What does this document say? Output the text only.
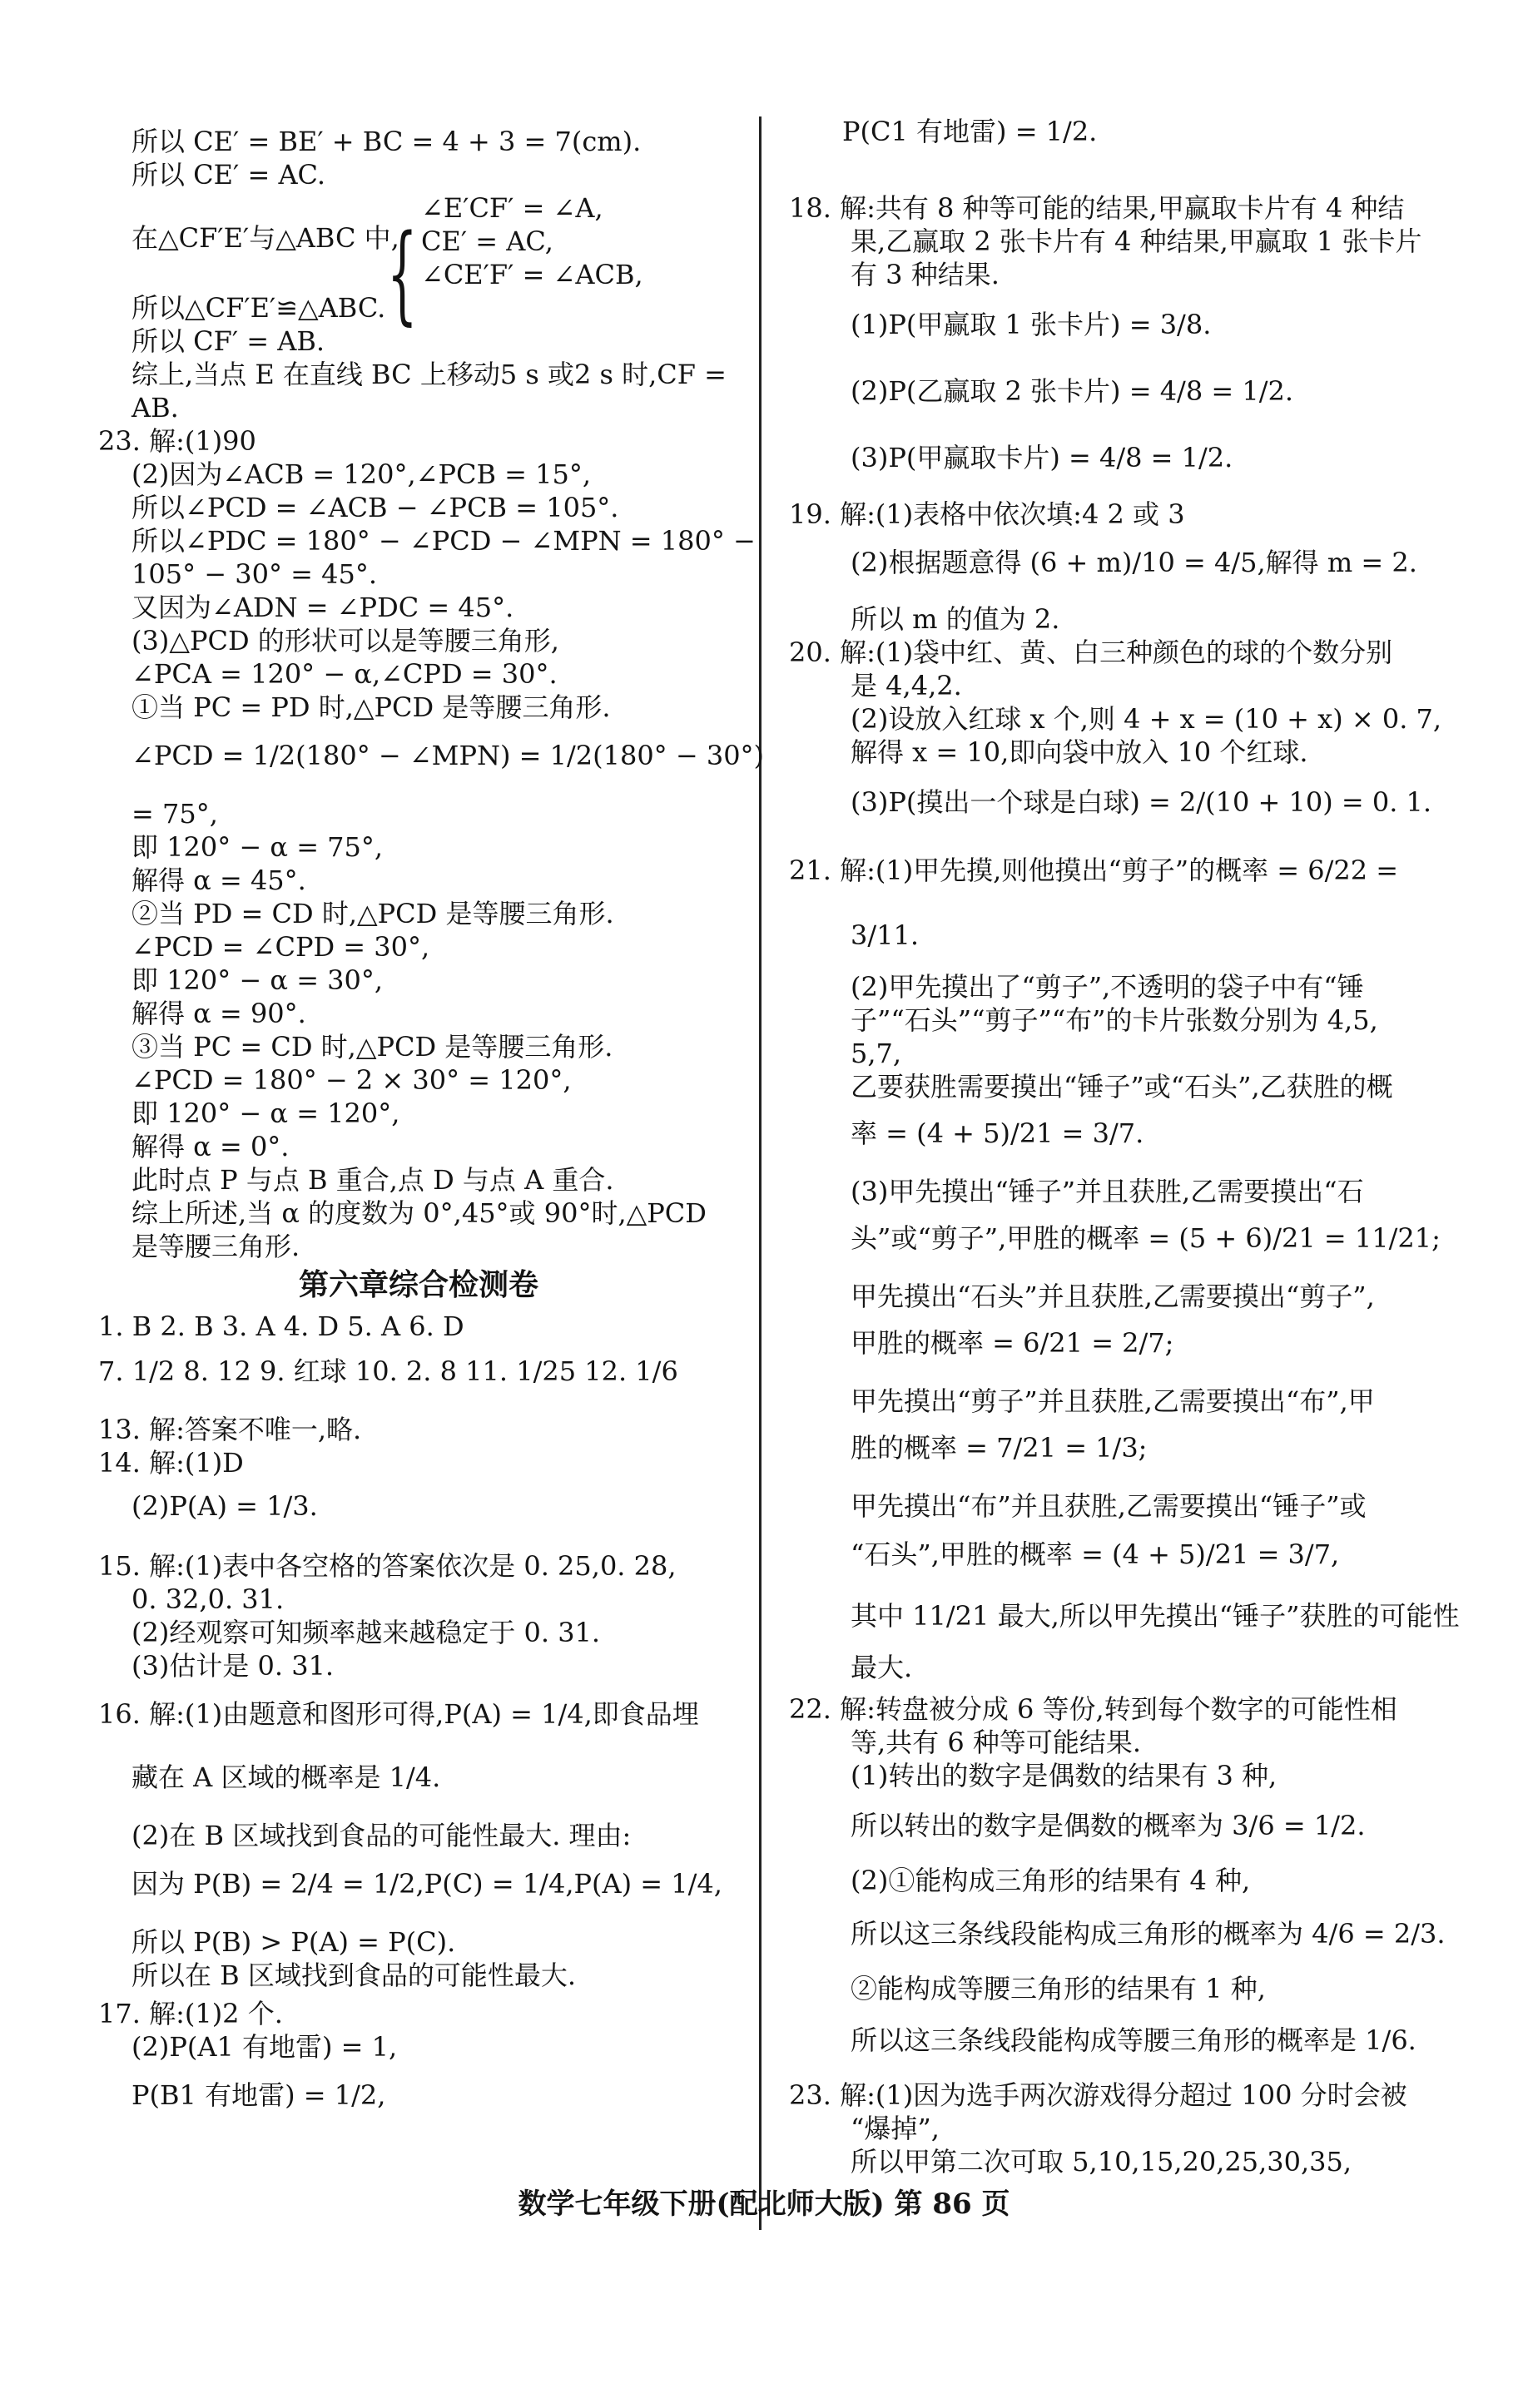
所以 CE′ = BE′ + BC = 4 + 3 = 7(cm).
所以 CE′ = AC.
在△CF′E′与△ABC 中,
{
∠E′CF′ = ∠A,
CE′ = AC,
∠CE′F′ = ∠ACB,
所以△CF′E′≌△ABC.
所以 CF′ = AB.
综上,当点 E 在直线 BC 上移动5 s 或2 s 时,CF =
AB.
23. 解:(1)90
(2)因为∠ACB = 120°,∠PCB = 15°,
所以∠PCD = ∠ACB − ∠PCB = 105°.
所以∠PDC = 180° − ∠PCD − ∠MPN = 180° −
105° − 30° = 45°.
又因为∠ADN = ∠PDC = 45°.
(3)△PCD 的形状可以是等腰三角形,
∠PCA = 120° − α,∠CPD = 30°.
①当 PC = PD 时,△PCD 是等腰三角形.
∠PCD = 1/2(180° − ∠MPN) = 1/2(180° − 30°)
= 75°,
即 120° − α = 75°,
解得 α = 45°.
②当 PD = CD 时,△PCD 是等腰三角形.
∠PCD = ∠CPD = 30°,
即 120° − α = 30°,
解得 α = 90°.
③当 PC = CD 时,△PCD 是等腰三角形.
∠PCD = 180° − 2 × 30° = 120°,
即 120° − α = 120°,
解得 α = 0°.
此时点 P 与点 B 重合,点 D 与点 A 重合.
综上所述,当 α 的度数为 0°,45°或 90°时,△PCD
是等腰三角形.
第六章综合检测卷
1. B 2. B 3. A 4. D 5. A 6. D
7. 1/2 8. 12 9. 红球 10. 2. 8 11. 1/25 12. 1/6
13. 解:答案不唯一,略.
14. 解:(1)D
(2)P(A) = 1/3.
15. 解:(1)表中各空格的答案依次是 0. 25,0. 28,
0. 32,0. 31.
(2)经观察可知频率越来越稳定于 0. 31.
(3)估计是 0. 31.
16. 解:(1)由题意和图形可得,P(A) = 1/4,即食品埋
藏在 A 区域的概率是 1/4.
(2)在 B 区域找到食品的可能性最大. 理由:
因为 P(B) = 2/4 = 1/2,P(C) = 1/4,P(A) = 1/4,
所以 P(B) > P(A) = P(C).
所以在 B 区域找到食品的可能性最大.
17. 解:(1)2 个.
(2)P(A1 有地雷) = 1,
P(B1 有地雷) = 1/2,
P(C1 有地雷) = 1/2.
18. 解:共有 8 种等可能的结果,甲赢取卡片有 4 种结
果,乙赢取 2 张卡片有 4 种结果,甲赢取 1 张卡片
有 3 种结果.
(1)P(甲赢取 1 张卡片) = 3/8.
(2)P(乙赢取 2 张卡片) = 4/8 = 1/2.
(3)P(甲赢取卡片) = 4/8 = 1/2.
19. 解:(1)表格中依次填:4 2 或 3
(2)根据题意得 (6 + m)/10 = 4/5,解得 m = 2.
所以 m 的值为 2.
20. 解:(1)袋中红、黄、白三种颜色的球的个数分别
是 4,4,2.
(2)设放入红球 x 个,则 4 + x = (10 + x) × 0. 7,
解得 x = 10,即向袋中放入 10 个红球.
(3)P(摸出一个球是白球) = 2/(10 + 10) = 0. 1.
21. 解:(1)甲先摸,则他摸出“剪子”的概率 = 6/22 =
3/11.
(2)甲先摸出了“剪子”,不透明的袋子中有“锤
子”“石头”“剪子”“布”的卡片张数分别为 4,5,
5,7,
乙要获胜需要摸出“锤子”或“石头”,乙获胜的概
率 = (4 + 5)/21 = 3/7.
(3)甲先摸出“锤子”并且获胜,乙需要摸出“石
头”或“剪子”,甲胜的概率 = (5 + 6)/21 = 11/21;
甲先摸出“石头”并且获胜,乙需要摸出“剪子”,
甲胜的概率 = 6/21 = 2/7;
甲先摸出“剪子”并且获胜,乙需要摸出“布”,甲
胜的概率 = 7/21 = 1/3;
甲先摸出“布”并且获胜,乙需要摸出“锤子”或
“石头”,甲胜的概率 = (4 + 5)/21 = 3/7,
其中 11/21 最大,所以甲先摸出“锤子”获胜的可能性
最大.
22. 解:转盘被分成 6 等份,转到每个数字的可能性相
等,共有 6 种等可能结果.
(1)转出的数字是偶数的结果有 3 种,
所以转出的数字是偶数的概率为 3/6 = 1/2.
(2)①能构成三角形的结果有 4 种,
所以这三条线段能构成三角形的概率为 4/6 = 2/3.
②能构成等腰三角形的结果有 1 种,
所以这三条线段能构成等腰三角形的概率是 1/6.
23. 解:(1)因为选手两次游戏得分超过 100 分时会被
“爆掉”,
所以甲第二次可取 5,10,15,20,25,30,35,
数学七年级下册(配北师大版) 第 86 页
